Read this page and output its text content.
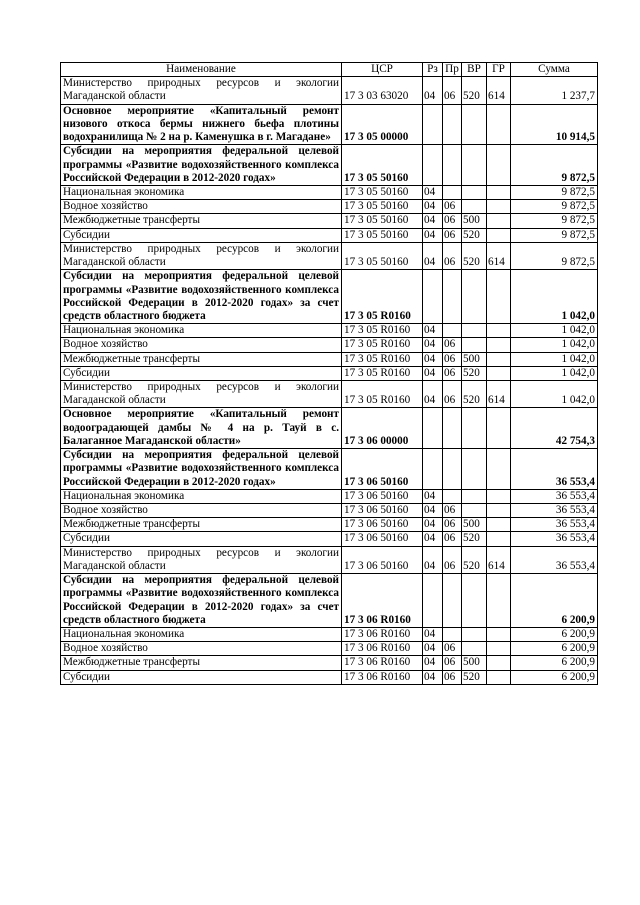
Наименование	ЦСР	Рз	Пр	ВР	ГР	Сумма
Министерство природных ресурсов и экологии Магаданской области	17 3 03 63020	04	06	520	614	1 237,7
Основное мероприятие «Капитальный ремонт низового откоса бермы нижнего бьефа плотины водохранилища № 2 на р. Каменушка в г. Магадане»	17 3 05 00000					10 914,5
Субсидии на мероприятия федеральной целевой программы «Развитие водохозяйственного комплекса Российской Федерации в 2012-2020 годах»	17 3 05 50160					9 872,5
Национальная экономика	17 3 05 50160	04				9 872,5
Водное хозяйство	17 3 05 50160	04	06			9 872,5
Межбюджетные трансферты	17 3 05 50160	04	06	500		9 872,5
Субсидии	17 3 05 50160	04	06	520		9 872,5
Министерство природных ресурсов и экологии Магаданской области	17 3 05 50160	04	06	520	614	9 872,5
Субсидии на мероприятия федеральной целевой программы «Развитие водохозяйственного комплекса Российской Федерации в 2012-2020 годах» за счет средств областного бюджета	17 3 05 R0160					1 042,0
Национальная экономика	17 3 05 R0160	04				1 042,0
Водное хозяйство	17 3 05 R0160	04	06			1 042,0
Межбюджетные трансферты	17 3 05 R0160	04	06	500		1 042,0
Субсидии	17 3 05 R0160	04	06	520		1 042,0
Министерство природных ресурсов и экологии Магаданской области	17 3 05 R0160	04	06	520	614	1 042,0
Основное мероприятие «Капитальный ремонт водооградающей дамбы № 4 на р. Тауй в с. Балаганное Магаданской области»	17 3 06 00000					42 754,3
Субсидии на мероприятия федеральной целевой программы «Развитие водохозяйственного комплекса Российской Федерации в 2012-2020 годах»	17 3 06 50160					36 553,4
Национальная экономика	17 3 06 50160	04				36 553,4
Водное хозяйство	17 3 06 50160	04	06			36 553,4
Межбюджетные трансферты	17 3 06 50160	04	06	500		36 553,4
Субсидии	17 3 06 50160	04	06	520		36 553,4
Министерство природных ресурсов и экологии Магаданской области	17 3 06 50160	04	06	520	614	36 553,4
Субсидии на мероприятия федеральной целевой программы «Развитие водохозяйственного комплекса Российской Федерации в 2012-2020 годах» за счет средств областного бюджета	17 3 06 R0160					6 200,9
Национальная экономика	17 3 06 R0160	04				6 200,9
Водное хозяйство	17 3 06 R0160	04	06			6 200,9
Межбюджетные трансферты	17 3 06 R0160	04	06	500		6 200,9
Субсидии	17 3 06 R0160	04	06	520		6 200,9
